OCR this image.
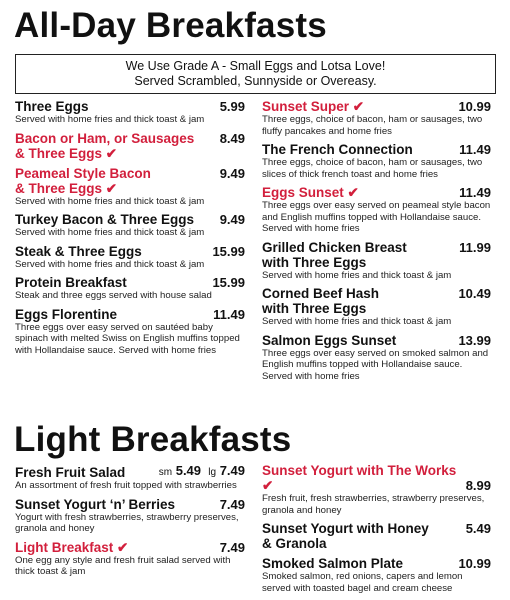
All-Day Breakfasts
We Use Grade A - Small Eggs and Lotsa Love!
Served Scrambled, Sunnyside or Overeasy.
Three Eggs	5.99
Served with home fries and thick toast & jam
Bacon or Ham, or Sausages	8.49
& Three Eggs ✔
Peameal Style Bacon	9.49
& Three Eggs ✔
Served with home fries and thick toast & jam
Turkey Bacon & Three Eggs	9.49
Served with home fries and thick toast & jam
Steak & Three Eggs	15.99
Served with home fries and thick toast & jam
Protein Breakfast	15.99
Steak and three eggs served with house salad
Eggs Florentine	11.49
Three eggs over easy served on sautéed baby spinach with melted Swiss on English muffins topped with Hollandaise sauce. Served with home fries
Sunset Super ✔	10.99
Three eggs, choice of bacon, ham or sausages, two fluffy pancakes and home fries
The French Connection	11.49
Three eggs, choice of bacon, ham or sausages, two slices of thick french toast and home fries
Eggs Sunset ✔	11.49
Three eggs over easy served on peameal style bacon and English muffins topped with Hollandaise sauce. Served with home fries
Grilled Chicken Breast	11.99
with Three Eggs
Served with home fries and thick toast & jam
Corned Beef Hash	10.49
with Three Eggs
Served with home fries and thick toast & jam
Salmon Eggs Sunset	13.99
Three eggs over easy served on smoked salmon and English muffins topped with Hollandaise sauce. Served with home fries
Light Breakfasts
Fresh Fruit Salad	sm 5.49 lg 7.49
An assortment of fresh fruit topped with strawberries
Sunset Yogurt ‘n’ Berries	7.49
Yogurt with fresh strawberries, strawberry preserves, granola and honey
Light Breakfast ✔	7.49
One egg any style and fresh fruit salad served with thick toast & jam
Sunset Yogurt with The Works ✔	8.99
Fresh fruit, fresh strawberries, strawberry preserves, granola and honey
Sunset Yogurt with Honey	5.49
& Granola
Smoked Salmon Plate	10.99
Smoked salmon, red onions, capers and lemon served with toasted bagel and cream cheese
